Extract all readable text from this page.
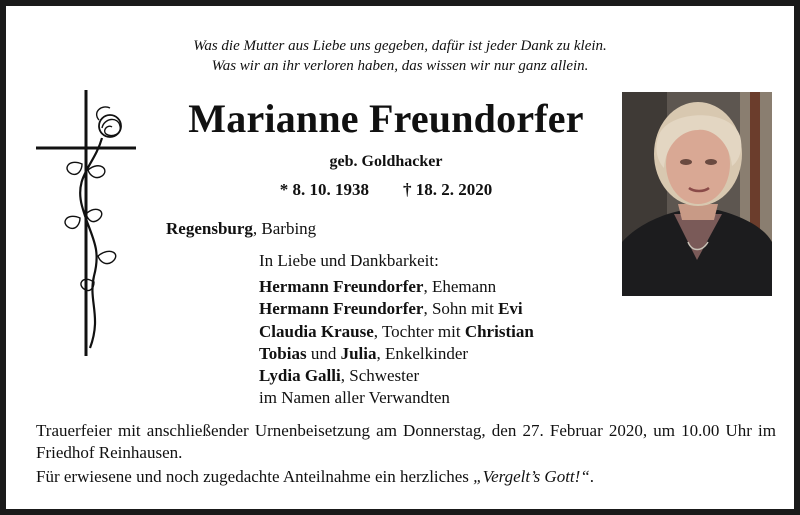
Was die Mutter aus Liebe uns gegeben, dafür ist jeder Dank zu klein.
Was wir an ihr verloren haben, das wissen wir nur ganz allein.
Marianne Freundorfer
geb. Goldhacker
* 8. 10. 1938 † 18. 2. 2020
Regensburg, Barbing
In Liebe und Dankbarkeit:
Hermann Freundorfer, Ehemann
Hermann Freundorfer, Sohn mit Evi
Claudia Krause, Tochter mit Christian
Tobias und Julia, Enkelkinder
Lydia Galli, Schwester
im Namen aller Verwandten

Trauerfeier mit anschließender Urnenbeisetzung am Donnerstag, den 27. Februar 2020, um 10.00 Uhr im Friedhof Reinhausen.

Für erwiesene und noch zugedachte Anteilnahme ein herzliches „Vergelt’s Gott!“.
